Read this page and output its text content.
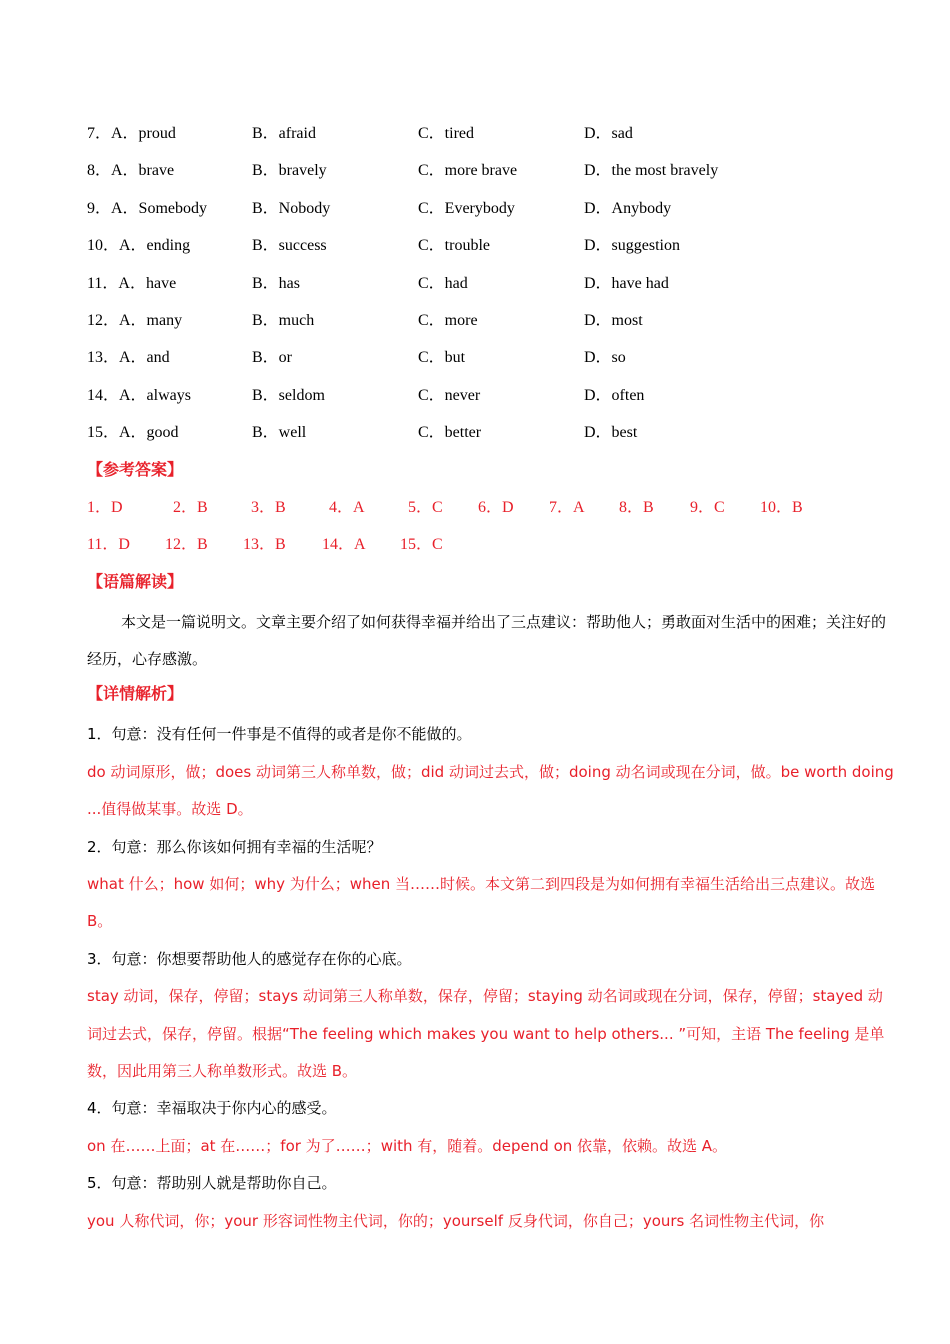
7．A．proud	B．afraid	C．tired	D．sad
8．A．brave	B．bravely	C．more brave	D．the most bravely
9．A．Somebody	B．Nobody	C．Everybody	D．Anybody
10．A．ending	B．success	C．trouble	D．suggestion
11．A．have	B．has	C．had	D．have had
12．A．many	B．much	C．more	D．most
13．A．and	B．or	C．but	D．so
14．A．always	B．seldom	C．never	D．often
15．A．good	B．well	C．better	D．best
【参考答案】
1．D	2．B	3．B	4．A	5．C 6．D 7．A 8．B 9．C 10．B
11．D 12．B 13．B 14．A 15．C
【语篇解读】
本文是一篇说明文。文章主要介绍了如何获得幸福并给出了三点建议：帮助他人；勇敢面对生活中的困难；关注好的经历，心存感激。
【详情解析】
1．句意：没有任何一件事是不值得的或者是你不能做的。
do 动词原形，做；does 动词第三人称单数，做；did 动词过去式，做；doing 动名词或现在分词，做。be worth doing ...值得做某事。故选 D。
2．句意：那么你该如何拥有幸福的生活呢？
what 什么；how 如何；why 为什么；when 当……时候。本文第二到四段是为如何拥有幸福生活给出三点建议。故选 B。
3．句意：你想要帮助他人的感觉存在你的心底。
stay 动词，保存，停留；stays 动词第三人称单数，保存，停留；staying 动名词或现在分词，保存，停留；stayed 动词过去式，保存，停留。根据“The feeling which makes you want to help others... ”可知，主语 The feeling 是单数，因此用第三人称单数形式。故选 B。
4．句意：幸福取决于你内心的感受。
on 在……上面；at 在……；for 为了……；with 有，随着。depend on 依靠，依赖。故选 A。
5．句意：帮助别人就是帮助你自己。
you 人称代词，你；your 形容词性物主代词，你的；yourself 反身代词，你自己；yours 名词性物主代词，你
